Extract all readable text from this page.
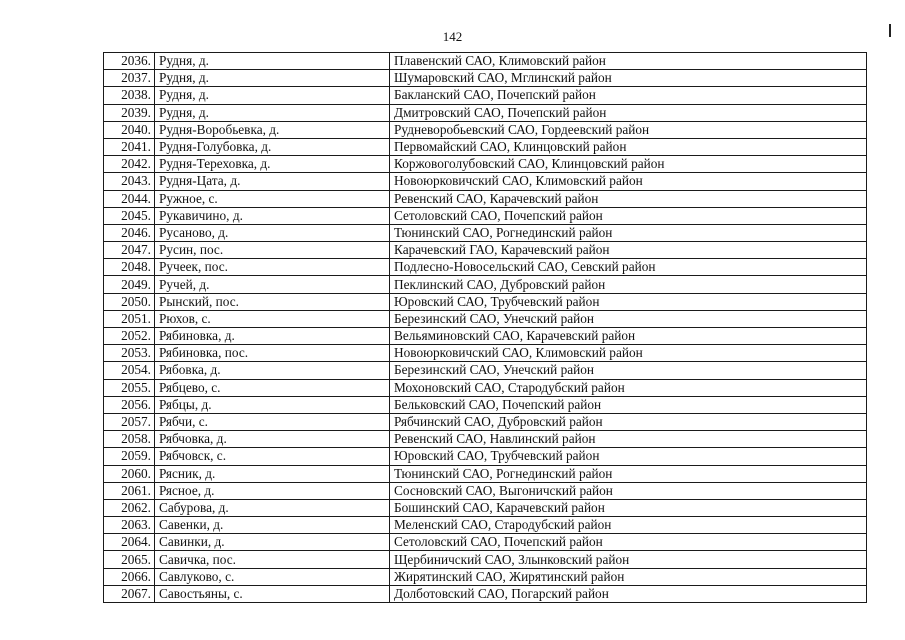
142
2036.	Рудня, д.	Плавенский САО, Климовский район
2037.	Рудня, д.	Шумаровский САО, Мглинский район
2038.	Рудня, д.	Бакланский САО, Почепский район
2039.	Рудня, д.	Дмитровский САО, Почепский район
2040.	Рудня-Воробьевка, д.	Рудневоробьевский САО, Гордеевский район
2041.	Рудня-Голубовка, д.	Первомайский САО, Клинцовский район
2042.	Рудня-Тереховка, д.	Коржовоголубовский САО, Клинцовский район
2043.	Рудня-Цата, д.	Новоюрковичский САО, Климовский район
2044.	Ружное, с.	Ревенский САО, Карачевский район
2045.	Рукавичино, д.	Сетоловский САО, Почепский район
2046.	Русаново, д.	Тюнинский САО, Рогнединский район
2047.	Русин, пос.	Карачевский ГАО, Карачевский район
2048.	Ручеек, пос.	Подлесно-Новосельский САО, Севский район
2049.	Ручей, д.	Пеклинский САО, Дубровский район
2050.	Рынский, пос.	Юровский САО, Трубчевский район
2051.	Рюхов, с.	Березинский САО, Унечский район
2052.	Рябиновка, д.	Вельяминовский САО, Карачевский район
2053.	Рябиновка, пос.	Новоюрковичский САО, Климовский район
2054.	Рябовка, д.	Березинский САО, Унечский район
2055.	Рябцево, с.	Мохоновский САО, Стародубский район
2056.	Рябцы, д.	Бельковский САО, Почепский район
2057.	Рябчи, с.	Рябчинский САО, Дубровский район
2058.	Рябчовка, д.	Ревенский САО, Навлинский район
2059.	Рябчовск, с.	Юровский САО, Трубчевский район
2060.	Рясник, д.	Тюнинский САО, Рогнединский район
2061.	Рясное, д.	Сосновский САО, Выгоничский район
2062.	Сабурова, д.	Бошинский САО, Карачевский район
2063.	Савенки, д.	Меленский САО, Стародубский район
2064.	Савинки, д.	Сетоловский САО, Почепский район
2065.	Савичка, пос.	Щербиничский САО, Злынковский район
2066.	Савлуково, с.	Жирятинский САО, Жирятинский район
2067.	Савостьяны, с.	Долботовский САО, Погарский район
